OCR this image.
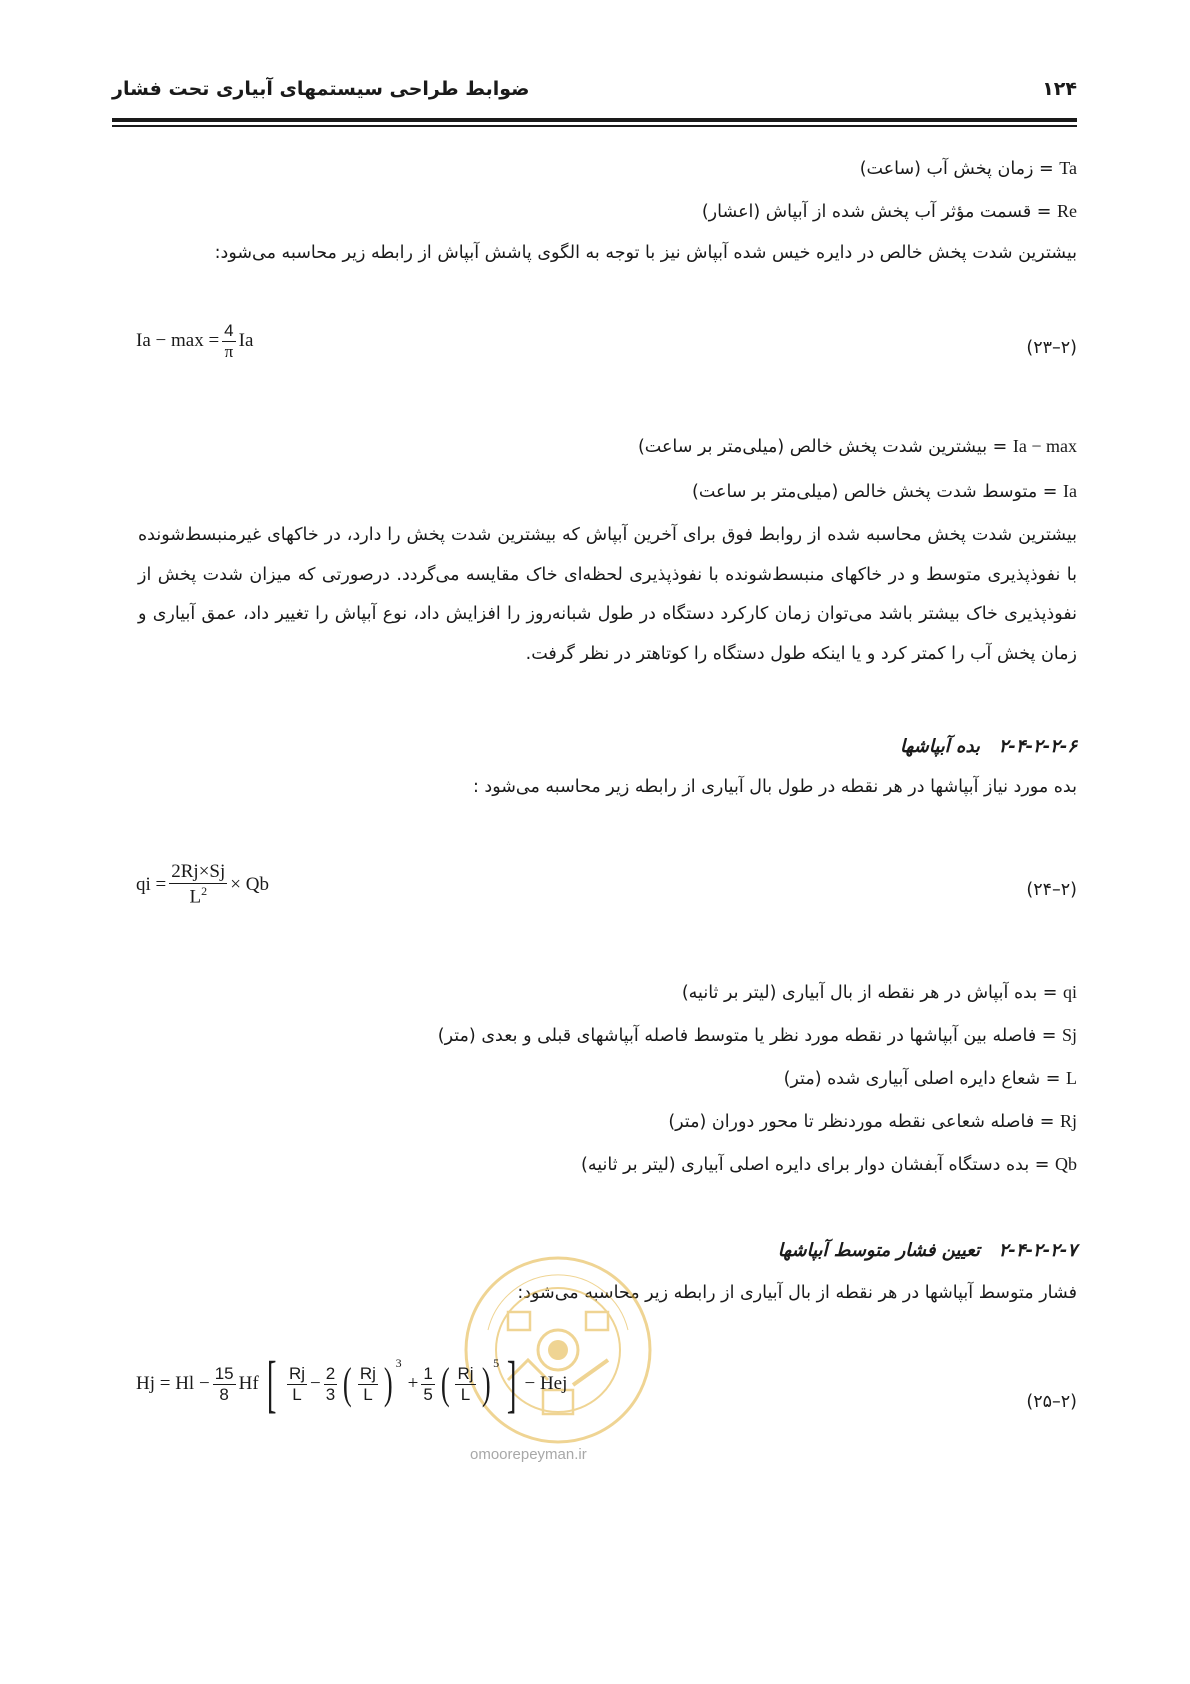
ضوابط طراحی سیستمهای آبیاری تحت فشار	۱۲۴
Ta = زمان پخش آب (ساعت)
Re = قسمت مؤثر آب پخش شده از آبپاش (اعشار)
بیشترین شدت پخش خالص در دایره خیس شده آبپاش نیز با توجه به الگوی پاشش آبپاش از رابطه زیر محاسبه می‌شود:
$Ia - \max = \frac{4}{\pi}$ Ia	(۲۳–۲)
Ia − max = بیشترین شدت پخش خالص (میلی‌متر بر ساعت)
Ia = متوسط شدت پخش خالص (میلی‌متر بر ساعت)
بیشترین شدت پخش محاسبه شده از روابط فوق برای آخرین آبپاش که بیشترین شدت پخش را دارد، در خاکهای غیرمنبسط‌شونده با نفوذپذیری متوسط و در خاکهای منبسط‌شونده با نفوذپذیری لحظه‌ای خاک مقایسه می‌گردد. درصورتی که میزان شدت پخش از نفوذپذیری خاک بیشتر باشد می‌توان زمان کارکرد دستگاه در طول شبانه‌روز را افزایش داد، نوع آبپاش را تغییر داد، عمق آبیاری و زمان پخش آب را کمتر کرد و یا اینکه طول دستگاه را کوتاهتر در نظر گرفت.
۲-۴-۲-۲-۶   بده آبپاشها
بده مورد نیاز آبپاشها در هر نقطه در طول بال آبیاری از رابطه زیر محاسبه می‌شود :
qi = $\frac{2Rj\times Sj}{L^2} \times Qb$	(۲۴–۲)
qi = بده آبپاش در هر نقطه از بال آبیاری (لیتر بر ثانیه)
Sj = فاصله بین آبپاشها در نقطه مورد نظر یا متوسط فاصله آبپاشهای قبلی و بعدی (متر)
L = شعاع دایره اصلی آبیاری شده (متر)
Rj = فاصله شعاعی نقطه موردنظر تا محور دوران (متر)
Qb = بده دستگاه آبفشان دوار برای دایره اصلی آبیاری (لیتر بر ثانیه)
۲-۴-۲-۲-۷   تعیین فشار متوسط آبپاشها
فشار متوسط آبپاشها در هر نقطه از بال آبیاری از رابطه زیر محاسبه می‌شود:
omoorepeyman.ir
$Hj = Hl - \frac{15}{8}$ Hf [ $\frac{Rj}{L} - \frac{2}{3}$ ( $\frac{Rj}{L} )^3$
+ $\frac{1}{5}$ ( $\frac{Rj}{L} )^5$ ] − Hej
(۲۵–۲)
